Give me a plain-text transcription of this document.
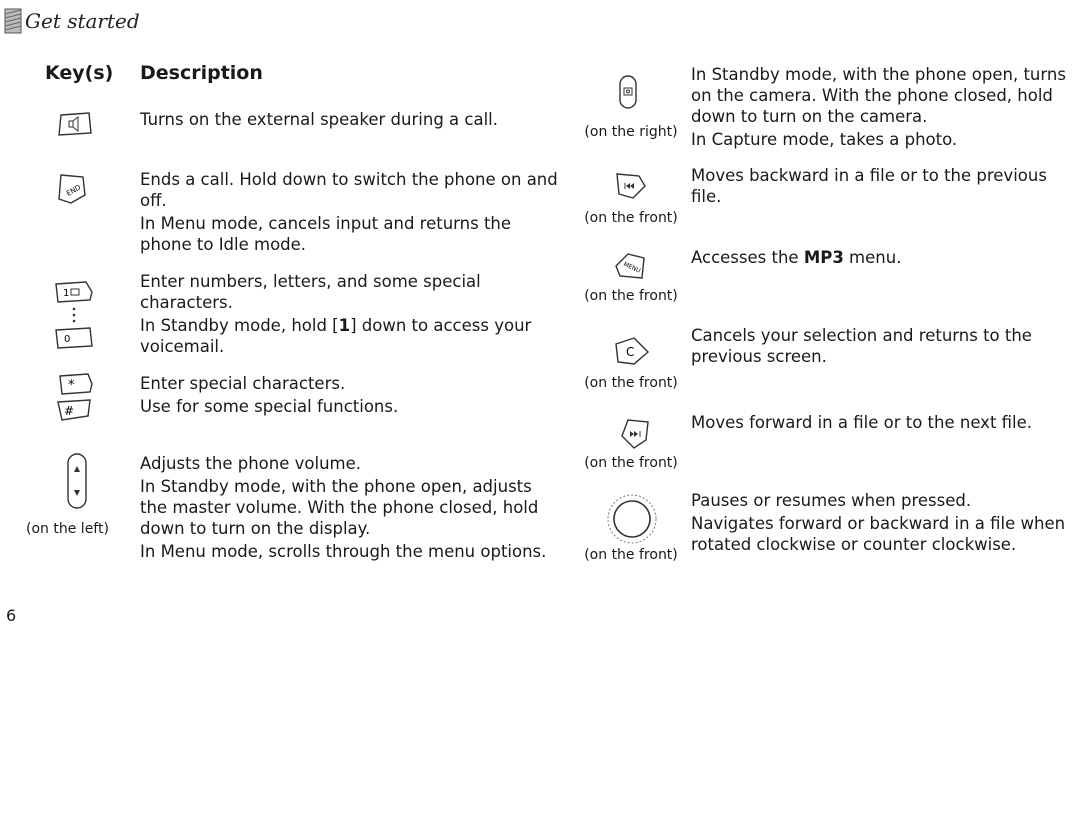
Get started
Key(s) Description

Turns on the external speaker during a call.

END

Ends a call. Hold down to switch the phone on and off.

In Menu mode, cancels input and returns the phone to Idle mode.

1
0

Enter numbers, letters, and some special characters.

In Standby mode, hold [1] down to access your voicemail.

*
#

Enter special characters.

Use for some special functions.

(on the left)

Adjusts the phone volume.

In Standby mode, with the phone open, adjusts the master volume. With the phone closed, hold down to turn on the display.

In Menu mode, scrolls through the menu options.

(on the right)

In Standby mode, with the phone open, turns on the camera. With the phone closed, hold down to turn on the camera.

In Capture mode, takes a photo.

(on the front)

Moves backward in a file or to the previous file.

MENU
(on the front)

Accesses the MP3 menu.

C
(on the front)

Cancels your selection and returns to the previous screen.

(on the front)

Moves forward in a file or to the next file.

(on the front)

Pauses or resumes when pressed.

Navigates forward or backward in a file when rotated clockwise or counter clockwise.

6
